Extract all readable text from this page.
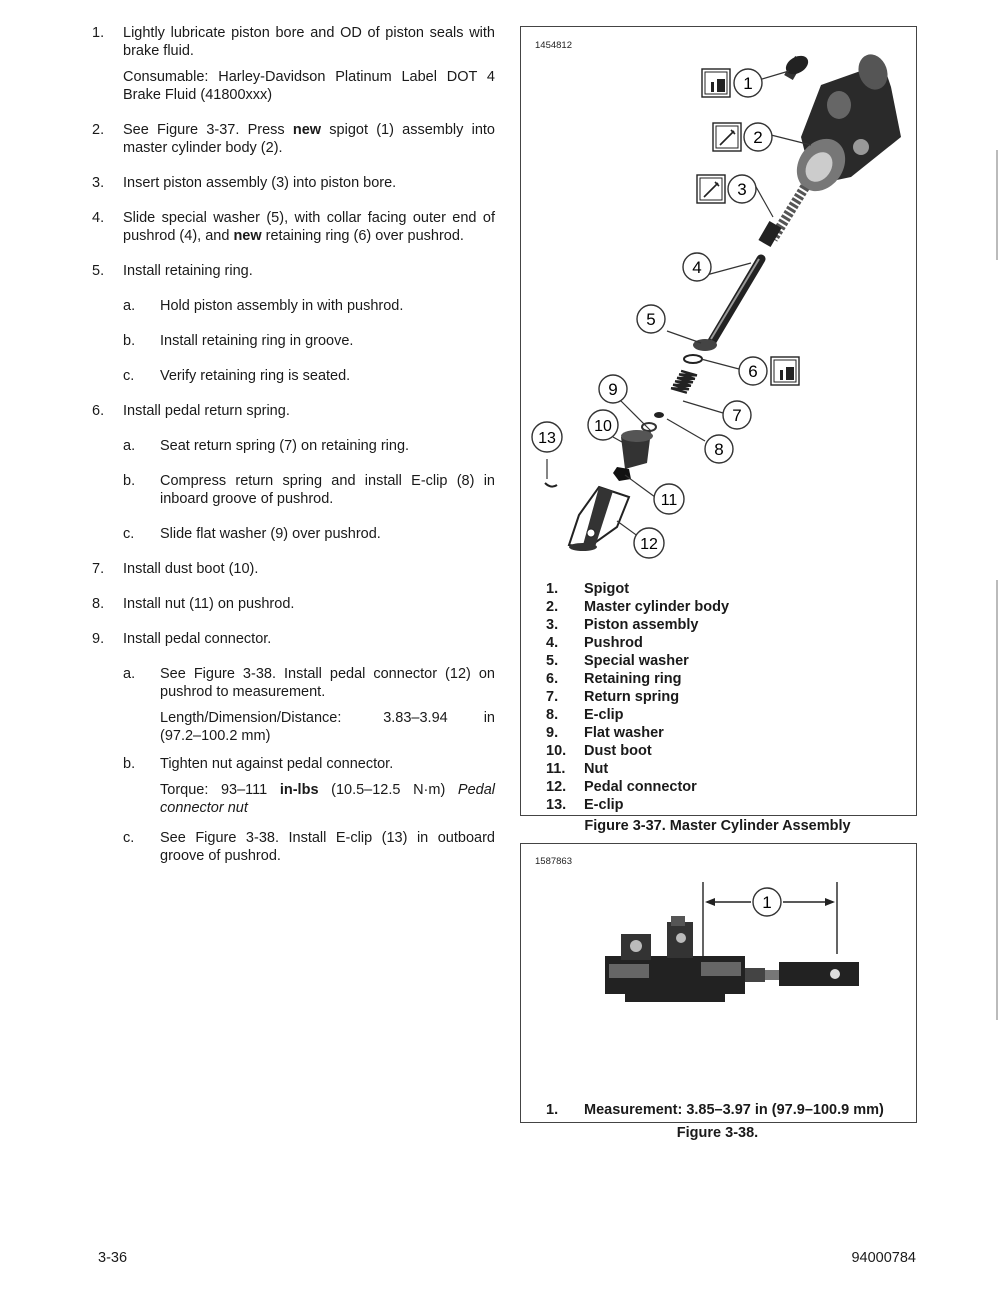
1. Lightly lubricate piston bore and OD of piston seals with brake fluid.
Consumable: Harley-Davidson Platinum Label DOT 4 Brake Fluid (41800xxx)
2. See Figure 3-37. Press new spigot (1) assembly into master cylinder body (2).
3. Insert piston assembly (3) into piston bore.
4. Slide special washer (5), with collar facing outer end of pushrod (4), and new retaining ring (6) over pushrod.
5. Install retaining ring.
a. Hold piston assembly in with pushrod.
b. Install retaining ring in groove.
c. Verify retaining ring is seated.
6. Install pedal return spring.
a. Seat return spring (7) on retaining ring.
b. Compress return spring and install E-clip (8) in inboard groove of pushrod.
c. Slide flat washer (9) over pushrod.
7. Install dust boot (10).
8. Install nut (11) on pushrod.
9. Install pedal connector.
a. See Figure 3-38. Install pedal connector (12) on pushrod to measurement.
Length/Dimension/Distance:	3.83–3.94 in
(97.2–100.2 mm)
b. Tighten nut against pedal connector.
Torque: 93–111 in-lbs (10.5–12.5 N·m) Pedal connector nut
c. See Figure 3-38. Install E-clip (13) in outboard groove of pushrod.
1454812
1
2
3
4
5
6
7
8
9
10
11
12
13
1.	Spigot
2.	Master cylinder body
3.	Piston assembly
4.	Pushrod
5.	Special washer
6.	Retaining ring
7.	Return spring
8.	E-clip
9.	Flat washer
10.	Dust boot
11.	Nut
12.	Pedal connector
13.	E-clip
Figure 3-37. Master Cylinder Assembly
1587863
1
1.	Measurement: 3.85–3.97 in (97.9–100.9 mm)
Figure 3-38.
3-36	94000784
